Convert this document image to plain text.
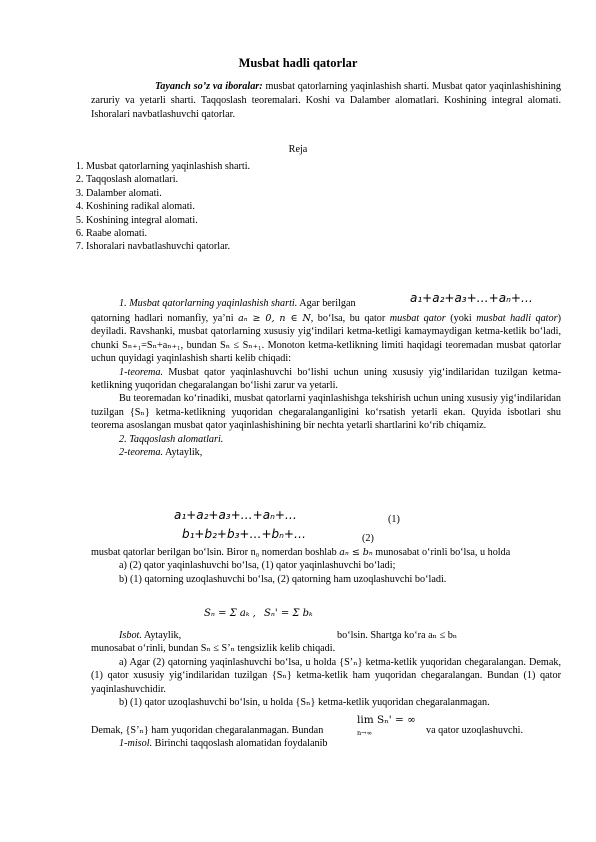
Musbat hadli qatorlar
Tayanch so’z va iboralar: musbat qatorlarning yaqinlashish sharti. Musbat qator yaqinlashishining zaruriy va yetarli sharti. Taqqoslash teoremalari. Koshi va Dalamber alomatlari. Koshining integral alomati. Ishoralari navbatlashuvchi qatorlar.
Reja
1. Musbat qatorlarning yaqinlashish sharti.
2. Taqqoslash alomatlari.
3. Dalamber alomati.
4. Koshining radikal alomati.
5. Koshining integral alomati.
6. Raabe alomati.
7. Ishoralari navbatlashuvchi qatorlar.
1. Musbat qatorlarning yaqinlashish sharti. Agar berilgan	a₁+a₂+a₃+…+aₙ+…
qatorning hadlari nomanfiy, ya’ni aₙ ≥ 0, n ∈ N, bo‘lsa, bu qator musbat qator (yoki musbat hadli qator) deyiladi. Ravshanki, musbat qatorlarning xususiy yig‘indilari ketma-ketligi kamaymaydigan ketma-ketlik bo‘ladi, chunki Sₙ₊₁=Sₙ+aₙ₊₁, bundan Sₙ ≤ Sₙ₊₁. Monoton ketma-ketlikning limiti haqidagi teoremadan musbat qatorlar uchun quyidagi yaqinlashish sharti kelib chiqadi:
1-teorema. Musbat qator yaqinlashuvchi bo‘lishi uchun uning xususiy yig‘indilaridan tuzilgan ketma-ketlikning yuqoridan chegaralangan bo‘lishi zarur va yetarli.
Bu teoremadan ko‘rinadiki, musbat qatorlarni yaqinlashishga tekshirish uchun uning xususiy yig‘indilaridan tuzilgan {Sₙ} ketma-ketlikning yuqoridan chegaralanganligini ko‘rsatish yetarli ekan. Quyida isbotlari shu teorema asoslangan musbat qator yaqinlashishining bir nechta yetarli shartlarini ko‘rib chiqamiz.
2. Taqqoslash alomatlari.
2-teorema. Aytaylik,
a₁+a₂+a₃+…+aₙ+…	(1)
b₁+b₂+b₃+…+bₙ+…	(2)
musbat qatorlar berilgan bo‘lsin. Biror n₀ nomerdan boshlab aₙ ≤ bₙ munosabat o‘rinli bo‘lsa, u holda
a) (2) qator yaqinlashuvchi bo‘lsa, (1) qator yaqinlashuvchi bo‘ladi;
b) (1) qatorning uzoqlashuvchi bo‘lsa, (2) qatorning ham uzoqlashuvchi bo‘ladi.
Sₙ = Σ aₖ , Sₙ' = Σ bₖ
Isbot. Aytaylik,	bo‘lsin. Shartga ko‘ra aₙ ≤ bₙ
munosabat o‘rinli, bundan Sₙ ≤ S’ₙ tengsizlik kelib chiqadi.
a) Agar (2) qatorning yaqinlashuvchi bo‘lsa, u holda {S’ₙ} ketma-ketlik yuqoridan chegaralangan. Demak, (1) qator xususiy yig‘indilaridan tuzilgan {Sₙ} ketma-ketlik ham yuqoridan chegaralangan. Bundan (1) qator yaqinlashuvchidir.
b) (1) qator uzoqlashuvchi bo‘lsin, u holda {Sₙ} ketma-ketlik yuqoridan chegaralanmagan.
lim Sₙ' = ∞
n→∞
Demak, {S’ₙ} ham yuqoridan chegaralanmagan. Bundan	va qator uzoqlashuvchi.
1-misol. Birinchi taqqoslash alomatidan foydalanib
